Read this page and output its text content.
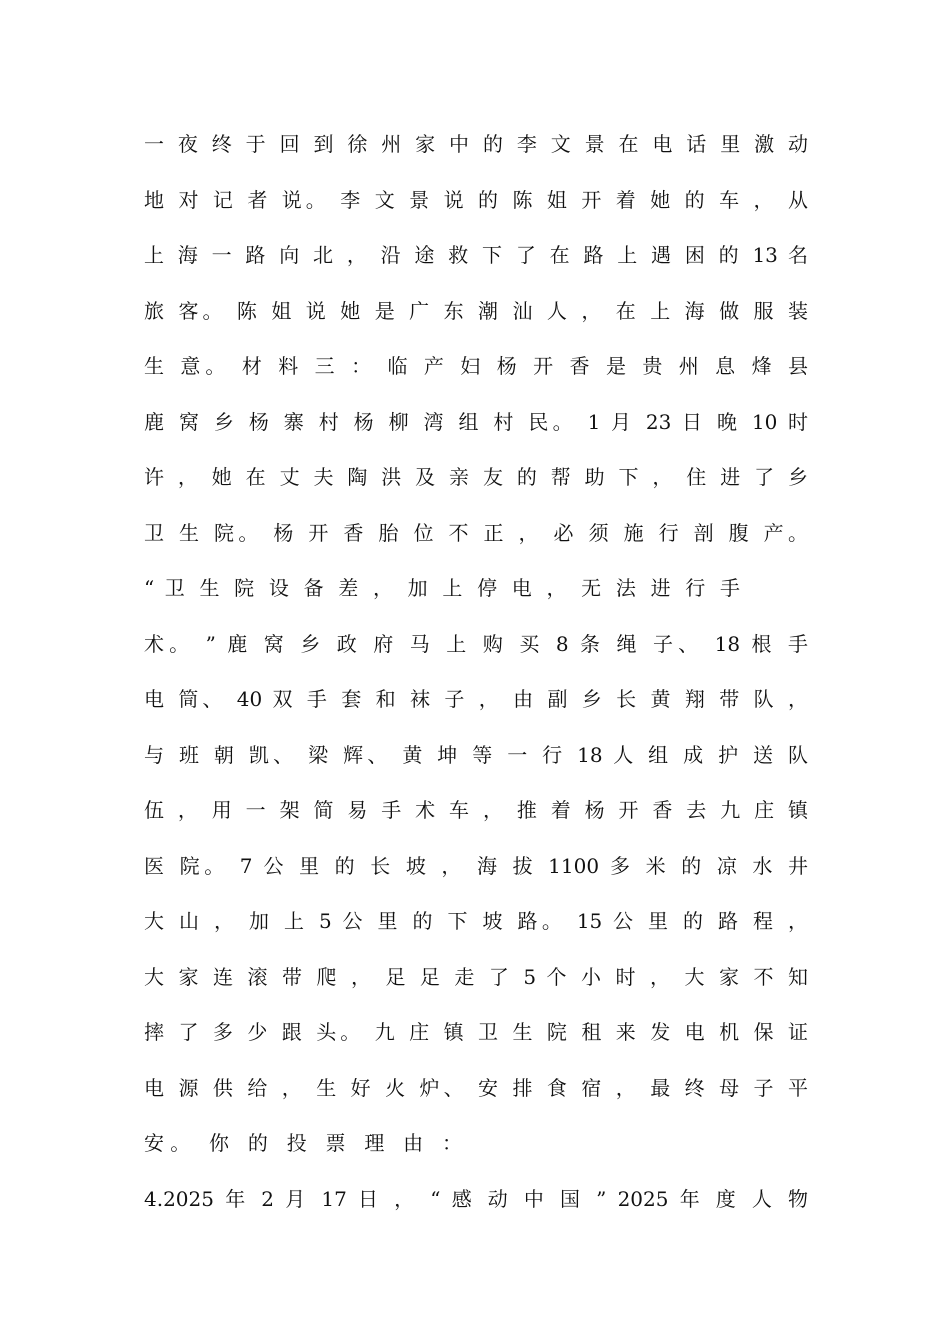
一 夜 终 于 回 到 徐 州 家 中 的 李 文 景 在 电 话 里 激 动
地 对 记 者 说。 李 文 景 说 的 陈 姐 开 着 她 的 车 ， 从
上 海 一 路 向 北 ， 沿 途 救 下 了 在 路 上 遇 困 的 13 名
旅 客。 陈 姐 说 她 是 广 东 潮 汕 人 ， 在 上 海 做 服 装
生 意。 材 料 三 ： 临 产 妇 杨 开 香 是 贵 州 息 烽 县
鹿 窝 乡 杨 寨 村 杨 柳 湾 组 村 民。 1 月 23 日 晚 10 时
许 ， 她 在 丈 夫 陶 洪 及 亲 友 的 帮 助 下 ， 住 进 了 乡
卫 生 院。 杨 开 香 胎 位 不 正 ， 必 须 施 行 剖 腹 产。
“ 卫 生 院 设 备 差 ， 加 上 停 电 ， 无 法 进 行 手
术。 ” 鹿 窝 乡 政 府 马 上 购 买 8 条 绳 子、 18 根 手
电 筒、 40 双 手 套 和 袜 子 ， 由 副 乡 长 黄 翔 带 队 ，
与 班 朝 凯、 梁 辉、 黄 坤 等 一 行 18 人 组 成 护 送 队
伍 ， 用 一 架 简 易 手 术 车 ， 推 着 杨 开 香 去 九 庄 镇
医 院。 7 公 里 的 长 坡 ， 海 拔 1100 多 米 的 凉 水 井
大 山 ， 加 上 5 公 里 的 下 坡 路。 15 公 里 的 路 程 ，
大 家 连 滚 带 爬 ， 足 足 走 了 5 个 小 时 ， 大 家 不 知
摔 了 多 少 跟 头。 九 庄 镇 卫 生 院 租 来 发 电 机 保 证
电 源 供 给 ， 生 好 火 炉、 安 排 食 宿 ， 最 终 母 子 平
安。 你 的 投 票 理 由 ：
4.2025 年 2 月 17 日 ， “ 感 动 中 国 ” 2025 年 度 人 物
